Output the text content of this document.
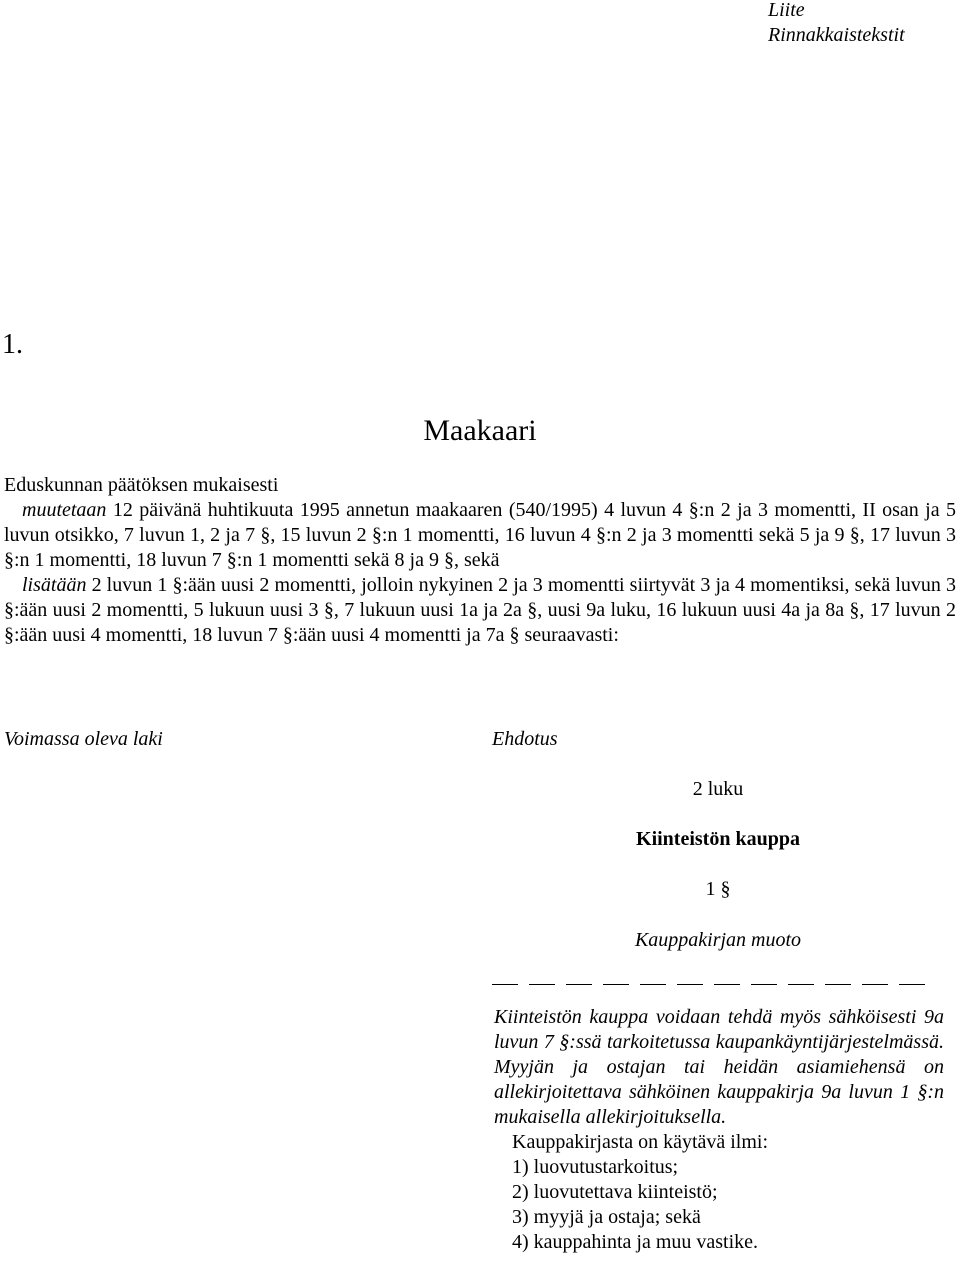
Liite
Rinnakkaistekstit
1.
Maakaari

Eduskunnan päätöksen mukaisesti

muutetaan 12 päivänä huhtikuuta 1995 annetun maakaaren (540/1995) 4 luvun 4 §:n 2 ja 3 momentti, II osan ja 5 luvun otsikko, 7 luvun 1, 2 ja 7 §, 15 luvun 2 §:n 1 momentti, 16 luvun 4 §:n 2 ja 3 momentti sekä 5 ja 9 §, 17 luvun 3 §:n 1 momentti, 18 luvun 7 §:n 1 momentti sekä 8 ja 9 §, sekä

lisätään 2 luvun 1 §:ään uusi 2 momentti, jolloin nykyinen 2 ja 3 momentti siirtyvät 3 ja 4 momentiksi, sekä luvun 3 §:ään uusi 2 momentti, 5 lukuun uusi 3 §, 7 lukuun uusi 1a ja 2a §, uusi 9a luku, 16 lukuun uusi 4a ja 8a §, 17 luvun 2 §:ään uusi 4 momentti, 18 luvun 7 §:ään uusi 4 momentti ja 7a § seuraavasti:

Voimassa oleva laki	Ehdotus
2 luku
Kiinteistön kauppa
1 §
Kauppakirjan muoto

Kiinteistön kauppa voidaan tehdä myös sähköisesti 9a luvun 7 §:ssä tarkoitetussa kaupankäyntijärjestelmässä. Myyjän ja ostajan tai heidän asiamiehensä on allekirjoitettava sähköinen kauppakirja 9a luvun 1 §:n mukaisella allekirjoituksella.

Kauppakirjasta on käytävä ilmi:

1) luovutustarkoitus;

2) luovutettava kiinteistö;

3) myyjä ja ostaja; sekä

4) kauppahinta ja muu vastike.
